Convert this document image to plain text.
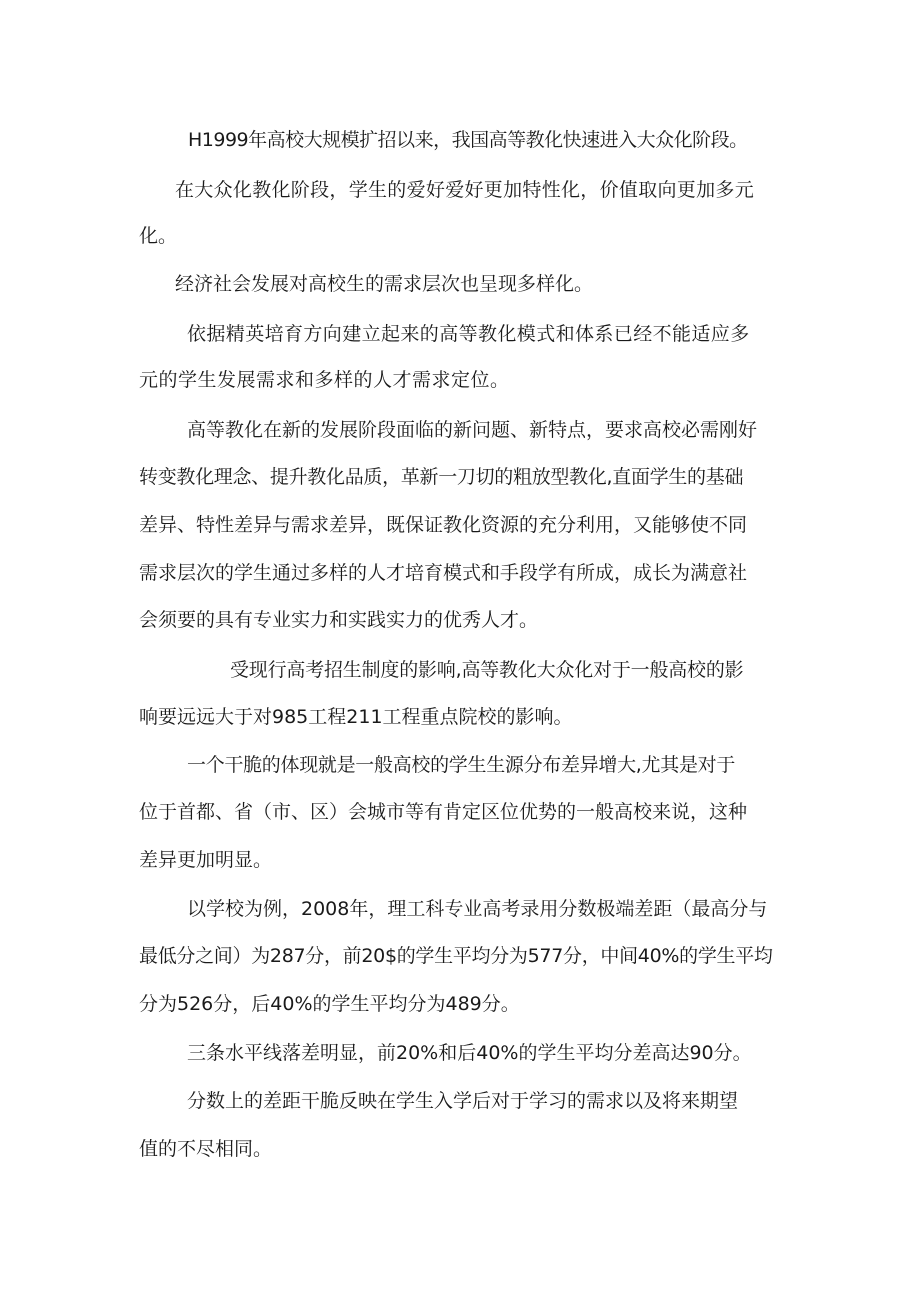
H1999年高校大规模扩招以来，我国高等教化快速进入大众化阶段。

在大众化教化阶段，学生的爱好爱好更加特性化，价值取向更加多元

化。

经济社会发展对高校生的需求层次也呈现多样化。

依据精英培育方向建立起来的高等教化模式和体系已经不能适应多

元的学生发展需求和多样的人才需求定位。

高等教化在新的发展阶段面临的新问题、新特点，要求高校必需刚好

转变教化理念、提升教化品质，革新一刀切的粗放型教化,直面学生的基础

差异、特性差异与需求差异，既保证教化资源的充分利用，又能够使不同

需求层次的学生通过多样的人才培育模式和手段学有所成，成长为满意社

会须要的具有专业实力和实践实力的优秀人才。

受现行高考招生制度的影响,高等教化大众化对于一般高校的影

响要远远大于对985工程211工程重点院校的影响。

一个干脆的体现就是一般高校的学生生源分布差异增大,尤其是对于

位于首都、省（市、区）会城市等有肯定区位优势的一般高校来说，这种

差异更加明显。

以学校为例，2008年，理工科专业高考录用分数极端差距（最高分与

最低分之间）为287分，前20$的学生平均分为577分，中间40%的学生平均

分为526分，后40%的学生平均分为489分。

三条水平线落差明显，前20%和后40%的学生平均分差高达90分。

分数上的差距干脆反映在学生入学后对于学习的需求以及将来期望

值的不尽相同。
